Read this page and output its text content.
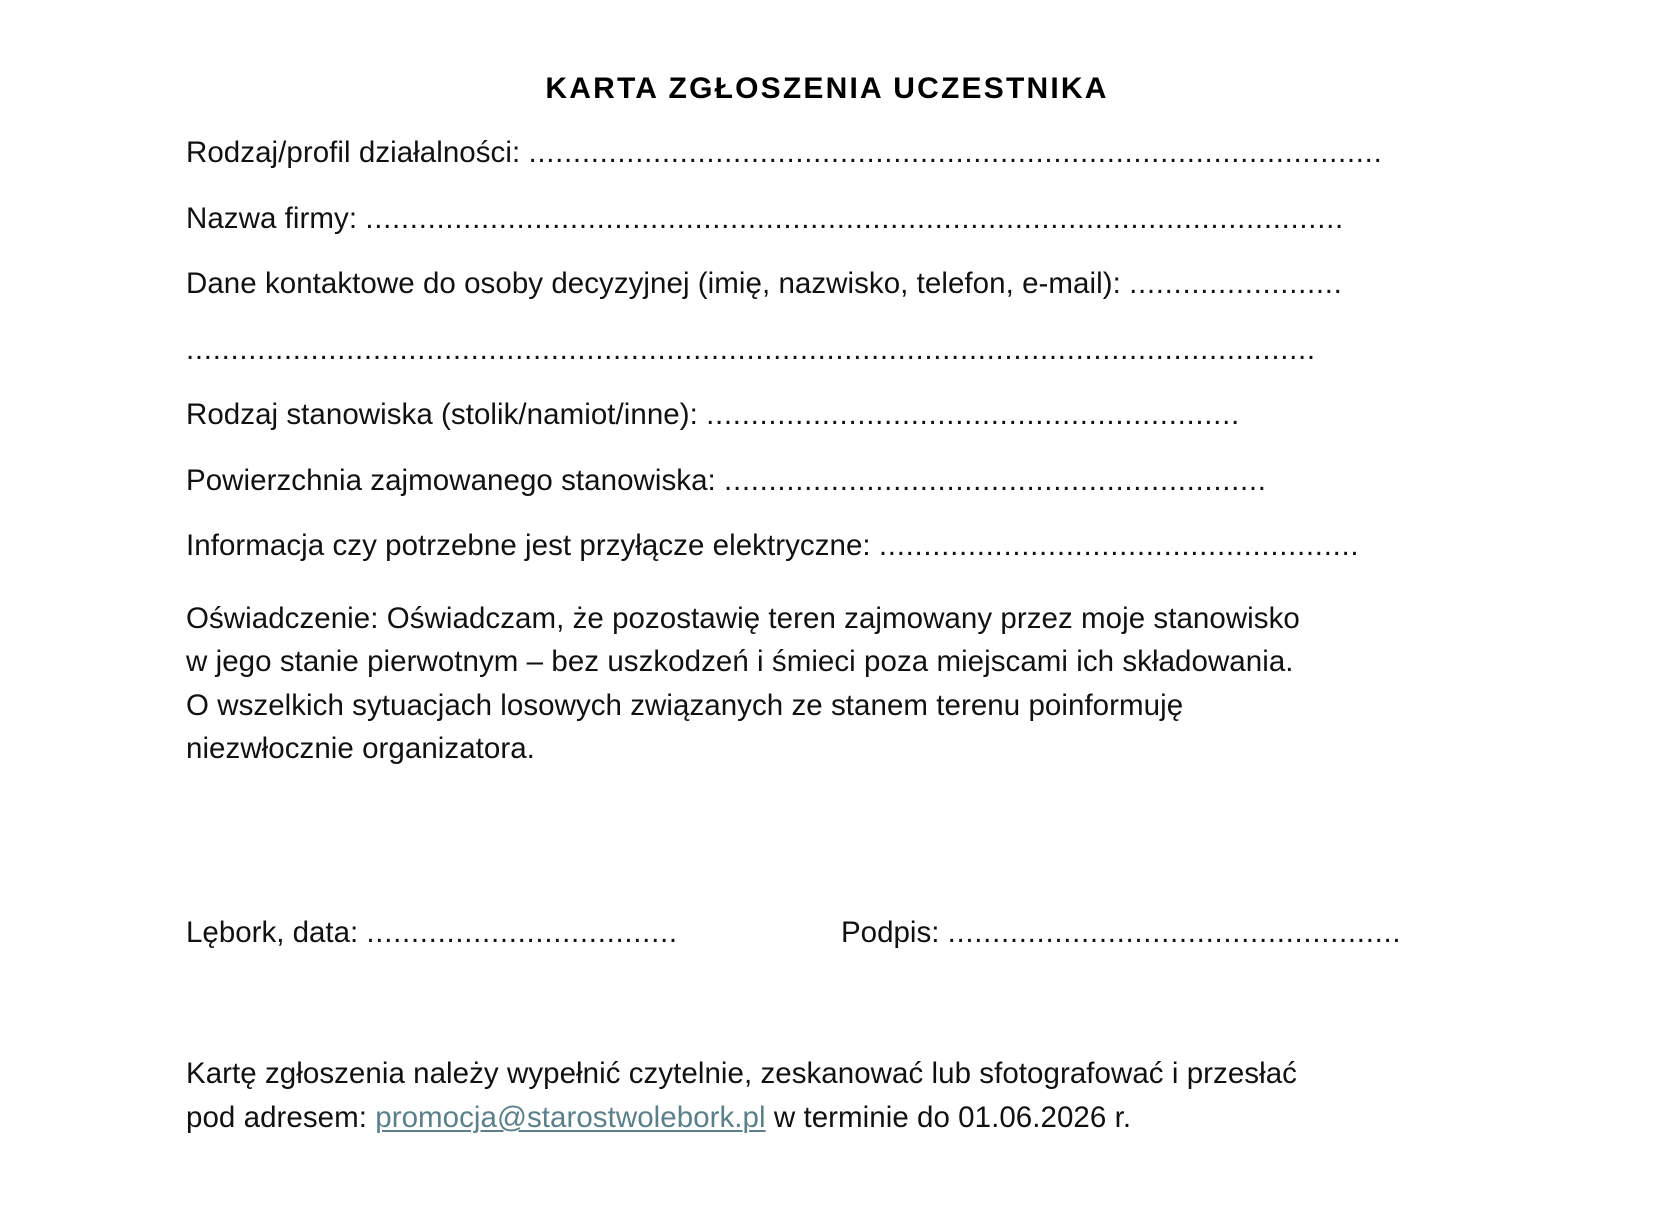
KARTA ZGŁOSZENIA UCZESTNIKA

Rodzaj/profil działalności: ................................................................................................

Nazwa firmy: ..............................................................................................................

Dane kontaktowe do osoby decyzyjnej (imię, nazwisko, telefon, e-mail): ........................

...............................................................................................................................

Rodzaj stanowiska (stolik/namiot/inne): ............................................................

Powierzchnia zajmowanego stanowiska: .............................................................

Informacja czy potrzebne jest przyłącze elektryczne: ......................................................

Oświadczenie: Oświadczam, że pozostawię teren zajmowany przez moje stanowisko
w jego stanie pierwotnym – bez uszkodzeń i śmieci poza miejscami ich składowania.
O wszelkich sytuacjach losowych związanych ze stanem terenu poinformuję
niezwłocznie organizatora.

Lębork, data: ...................................	Podpis: ...................................................
Kartę zgłoszenia należy wypełnić czytelnie, zeskanować lub sfotografować i przesłać
pod adresem: promocja@starostwolebork.pl w terminie do 01.06.2026 r.
